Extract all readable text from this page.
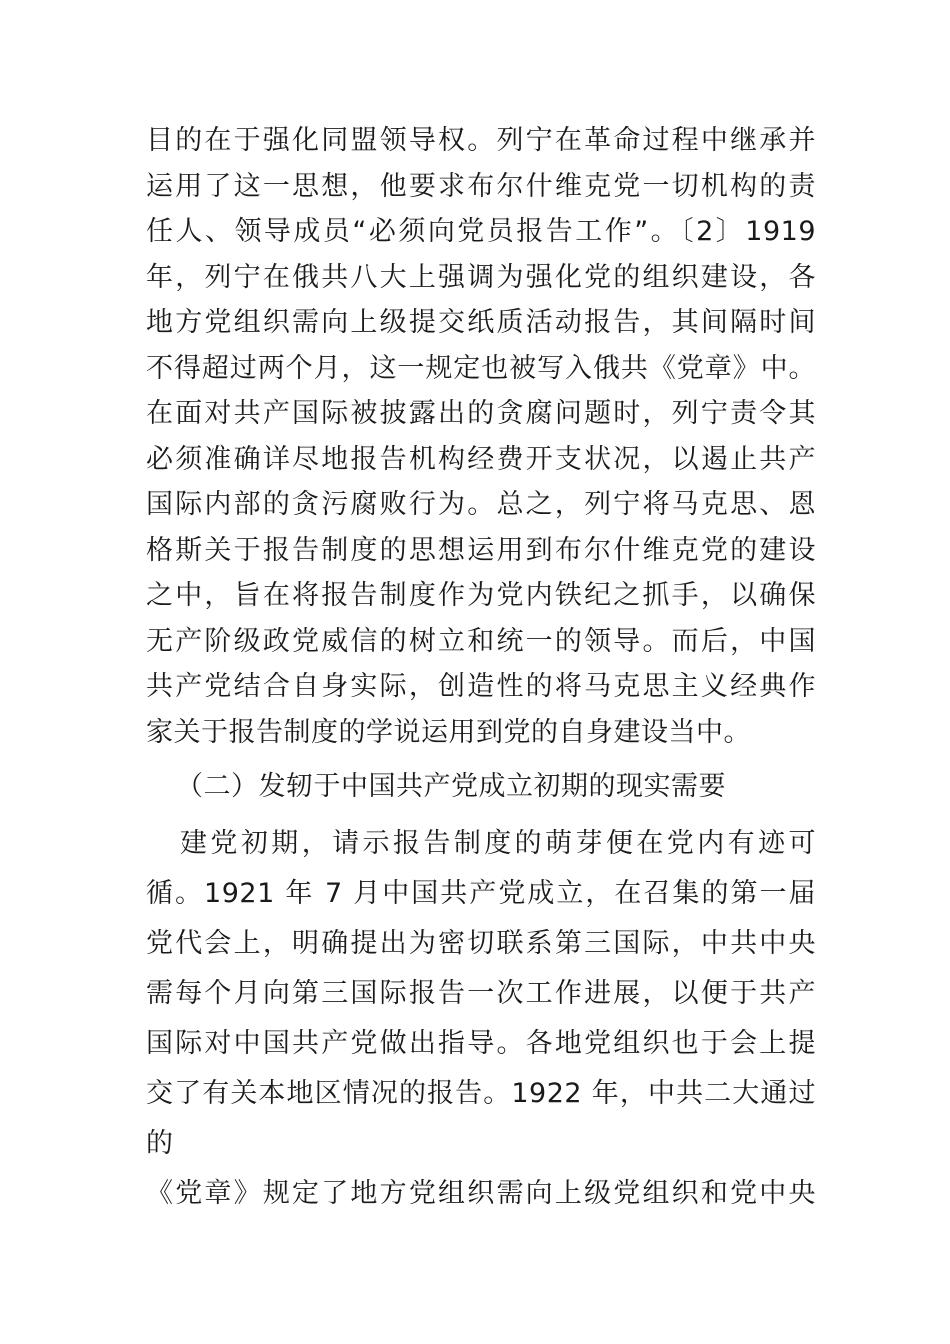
目的在于强化同盟领导权。列宁在革命过程中继承并
运用了这一思想，他要求布尔什维克党一切机构的责
任人、领导成员“必须向党员报告工作”。〔2〕1919
年，列宁在俄共八大上强调为强化党的组织建设，各
地方党组织需向上级提交纸质活动报告，其间隔时间
不得超过两个月，这一规定也被写入俄共《党章》中。
在面对共产国际被披露出的贪腐问题时，列宁责令其
必须准确详尽地报告机构经费开支状况，以遏止共产
国际内部的贪污腐败行为。总之，列宁将马克思、恩
格斯关于报告制度的思想运用到布尔什维克党的建设
之中，旨在将报告制度作为党内铁纪之抓手，以确保
无产阶级政党威信的树立和统一的领导。而后，中国
共产党结合自身实际，创造性的将马克思主义经典作
家关于报告制度的学说运用到党的自身建设当中。
（二）发轫于中国共产党成立初期的现实需要
建党初期，请示报告制度的萌芽便在党内有迹可
循。1921 年 7 月中国共产党成立，在召集的第一届
党代会上，明确提出为密切联系第三国际，中共中央
需每个月向第三国际报告一次工作进展，以便于共产
国际对中国共产党做出指导。各地党组织也于会上提
交了有关本地区情况的报告。1922 年，中共二大通过
的
《党章》规定了地方党组织需向上级党组织和党中央
